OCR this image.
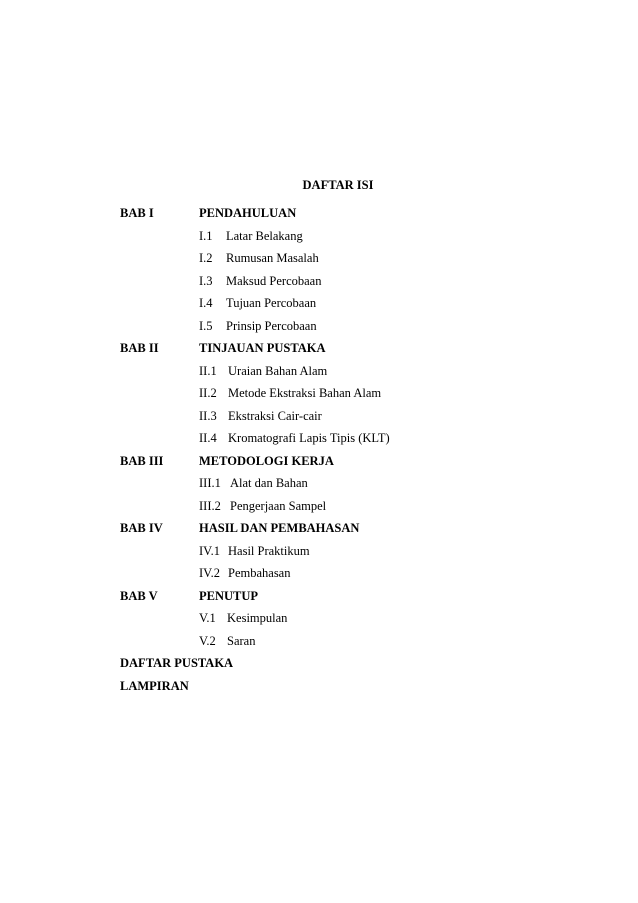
DAFTAR ISI
BAB I	PENDAHULUAN
I.1 Latar Belakang
I.2 Rumusan Masalah
I.3 Maksud Percobaan
I.4 Tujuan Percobaan
I.5 Prinsip Percobaan
BAB II	TINJAUAN PUSTAKA
II.1 Uraian Bahan Alam
II.2 Metode Ekstraksi Bahan Alam
II.3 Ekstraksi Cair-cair
II.4 Kromatografi Lapis Tipis (KLT)
BAB III	METODOLOGI KERJA
III.1 Alat dan Bahan
III.2 Pengerjaan Sampel
BAB IV	HASIL DAN PEMBAHASAN
IV.1 Hasil Praktikum
IV.2 Pembahasan
BAB V	PENUTUP
V.1 Kesimpulan
V.2 Saran
DAFTAR PUSTAKA
LAMPIRAN
